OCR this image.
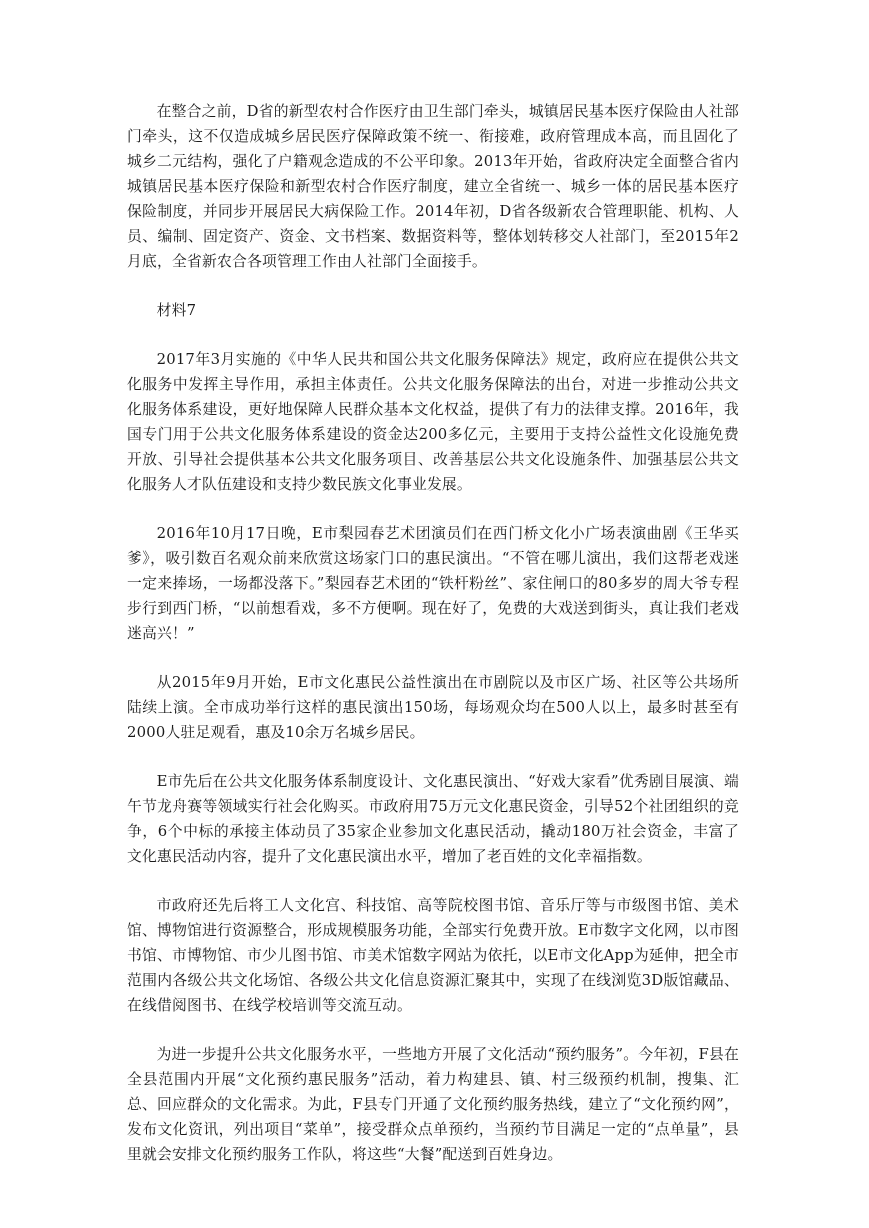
在整合之前，D省的新型农村合作医疗由卫生部门牵头，城镇居民基本医疗保险由人社部门牵头，这不仅造成城乡居民医疗保障政策不统一、衔接难，政府管理成本高，而且固化了城乡二元结构，强化了户籍观念造成的不公平印象。2013年开始，省政府决定全面整合省内城镇居民基本医疗保险和新型农村合作医疗制度，建立全省统一、城乡一体的居民基本医疗保险制度，并同步开展居民大病保险工作。2014年初，D省各级新农合管理职能、机构、人员、编制、固定资产、资金、文书档案、数据资料等，整体划转移交人社部门，至2015年2月底，全省新农合各项管理工作由人社部门全面接手。

材料7

2017年3月实施的《中华人民共和国公共文化服务保障法》规定，政府应在提供公共文化服务中发挥主导作用，承担主体责任。公共文化服务保障法的出台，对进一步推动公共文化服务体系建设，更好地保障人民群众基本文化权益，提供了有力的法律支撑。2016年，我国专门用于公共文化服务体系建设的资金达200多亿元，主要用于支持公益性文化设施免费开放、引导社会提供基本公共文化服务项目、改善基层公共文化设施条件、加强基层公共文化服务人才队伍建设和支持少数民族文化事业发展。

2016年10月17日晚，E市梨园春艺术团演员们在西门桥文化小广场表演曲剧《王华买爹》，吸引数百名观众前来欣赏这场家门口的惠民演出。“不管在哪儿演出，我们这帮老戏迷一定来捧场，一场都没落下。”梨园春艺术团的“铁杆粉丝”、家住闸口的80多岁的周大爷专程步行到西门桥，“以前想看戏，多不方便啊。现在好了，免费的大戏送到街头，真让我们老戏迷高兴！”

从2015年9月开始，E市文化惠民公益性演出在市剧院以及市区广场、社区等公共场所陆续上演。全市成功举行这样的惠民演出150场，每场观众均在500人以上，最多时甚至有2000人驻足观看，惠及10余万名城乡居民。

E市先后在公共文化服务体系制度设计、文化惠民演出、“好戏大家看”优秀剧目展演、端午节龙舟赛等领域实行社会化购买。市政府用75万元文化惠民资金，引导52个社团组织的竞争，6个中标的承接主体动员了35家企业参加文化惠民活动，撬动180万社会资金，丰富了文化惠民活动内容，提升了文化惠民演出水平，增加了老百姓的文化幸福指数。

市政府还先后将工人文化宫、科技馆、高等院校图书馆、音乐厅等与市级图书馆、美术馆、博物馆进行资源整合，形成规模服务功能，全部实行免费开放。E市数字文化网，以市图书馆、市博物馆、市少儿图书馆、市美术馆数字网站为依托，以E市文化App为延伸，把全市范围内各级公共文化场馆、各级公共文化信息资源汇聚其中，实现了在线浏览3D版馆藏品、在线借阅图书、在线学校培训等交流互动。

为进一步提升公共文化服务水平，一些地方开展了文化活动“预约服务”。今年初，F县在全县范围内开展“文化预约惠民服务”活动，着力构建县、镇、村三级预约机制，搜集、汇总、回应群众的文化需求。为此，F县专门开通了文化预约服务热线，建立了“文化预约网”，发布文化资讯，列出项目“菜单”，接受群众点单预约，当预约节目满足一定的“点单量”，县里就会安排文化预约服务工作队，将这些“大餐”配送到百姓身边。
